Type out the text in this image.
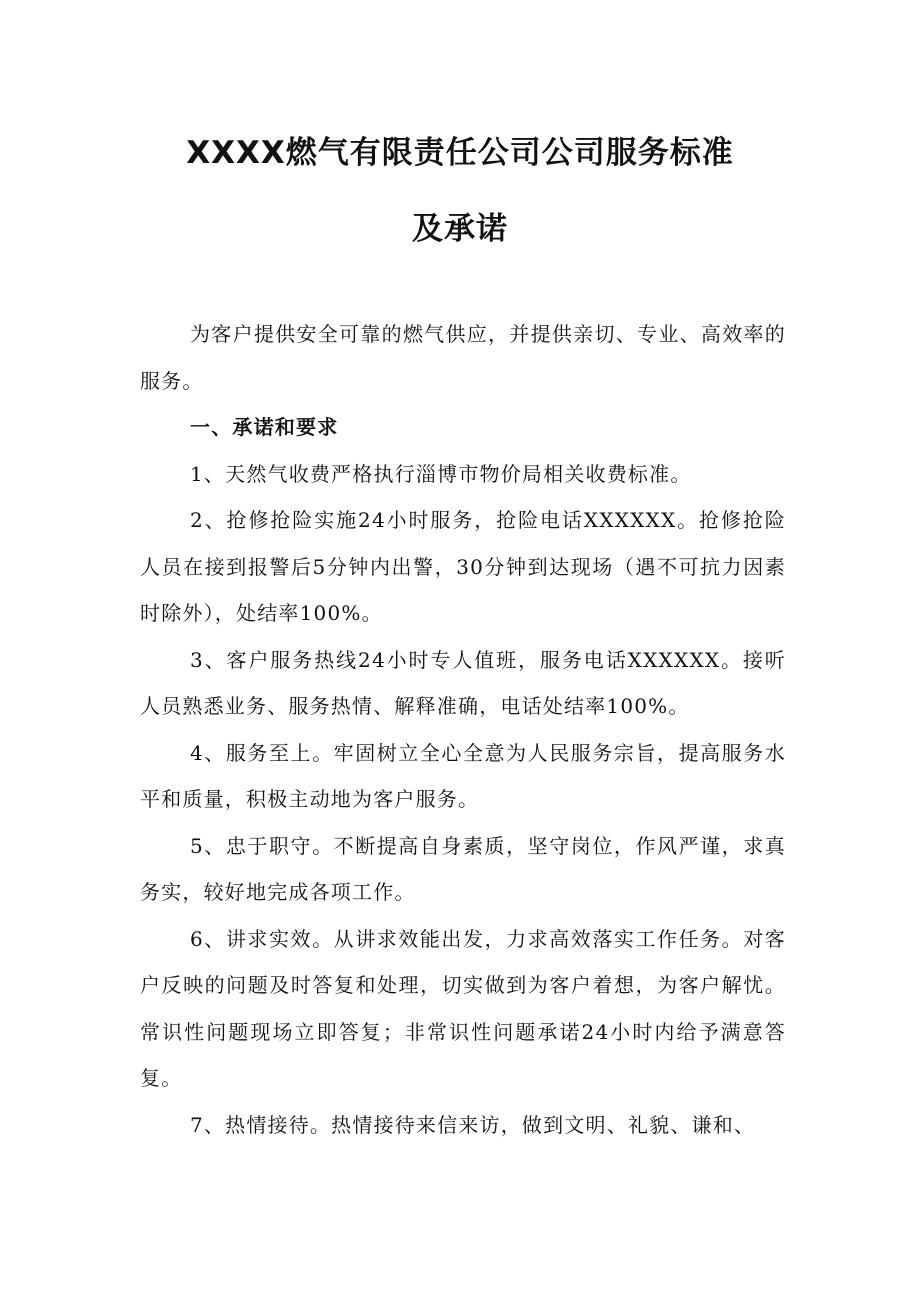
XXXX燃气有限责任公司公司服务标准
及承诺

为客户提供安全可靠的燃气供应，并提供亲切、专业、高效率的服务。

一、承诺和要求

1、天然气收费严格执行淄博市物价局相关收费标准。

2、抢修抢险实施24小时服务，抢险电话XXXXXX。抢修抢险人员在接到报警后5分钟内出警，30分钟到达现场（遇不可抗力因素时除外），处结率100%。

3、客户服务热线24小时专人值班，服务电话XXXXXX。接听人员熟悉业务、服务热情、解释准确，电话处结率100%。

4、服务至上。牢固树立全心全意为人民服务宗旨，提高服务水平和质量，积极主动地为客户服务。

5、忠于职守。不断提高自身素质，坚守岗位，作风严谨，求真务实，较好地完成各项工作。

6、讲求实效。从讲求效能出发，力求高效落实工作任务。对客户反映的问题及时答复和处理，切实做到为客户着想，为客户解忧。常识性问题现场立即答复；非常识性问题承诺24小时内给予满意答复。

7、热情接待。热情接待来信来访，做到文明、礼貌、谦和、
